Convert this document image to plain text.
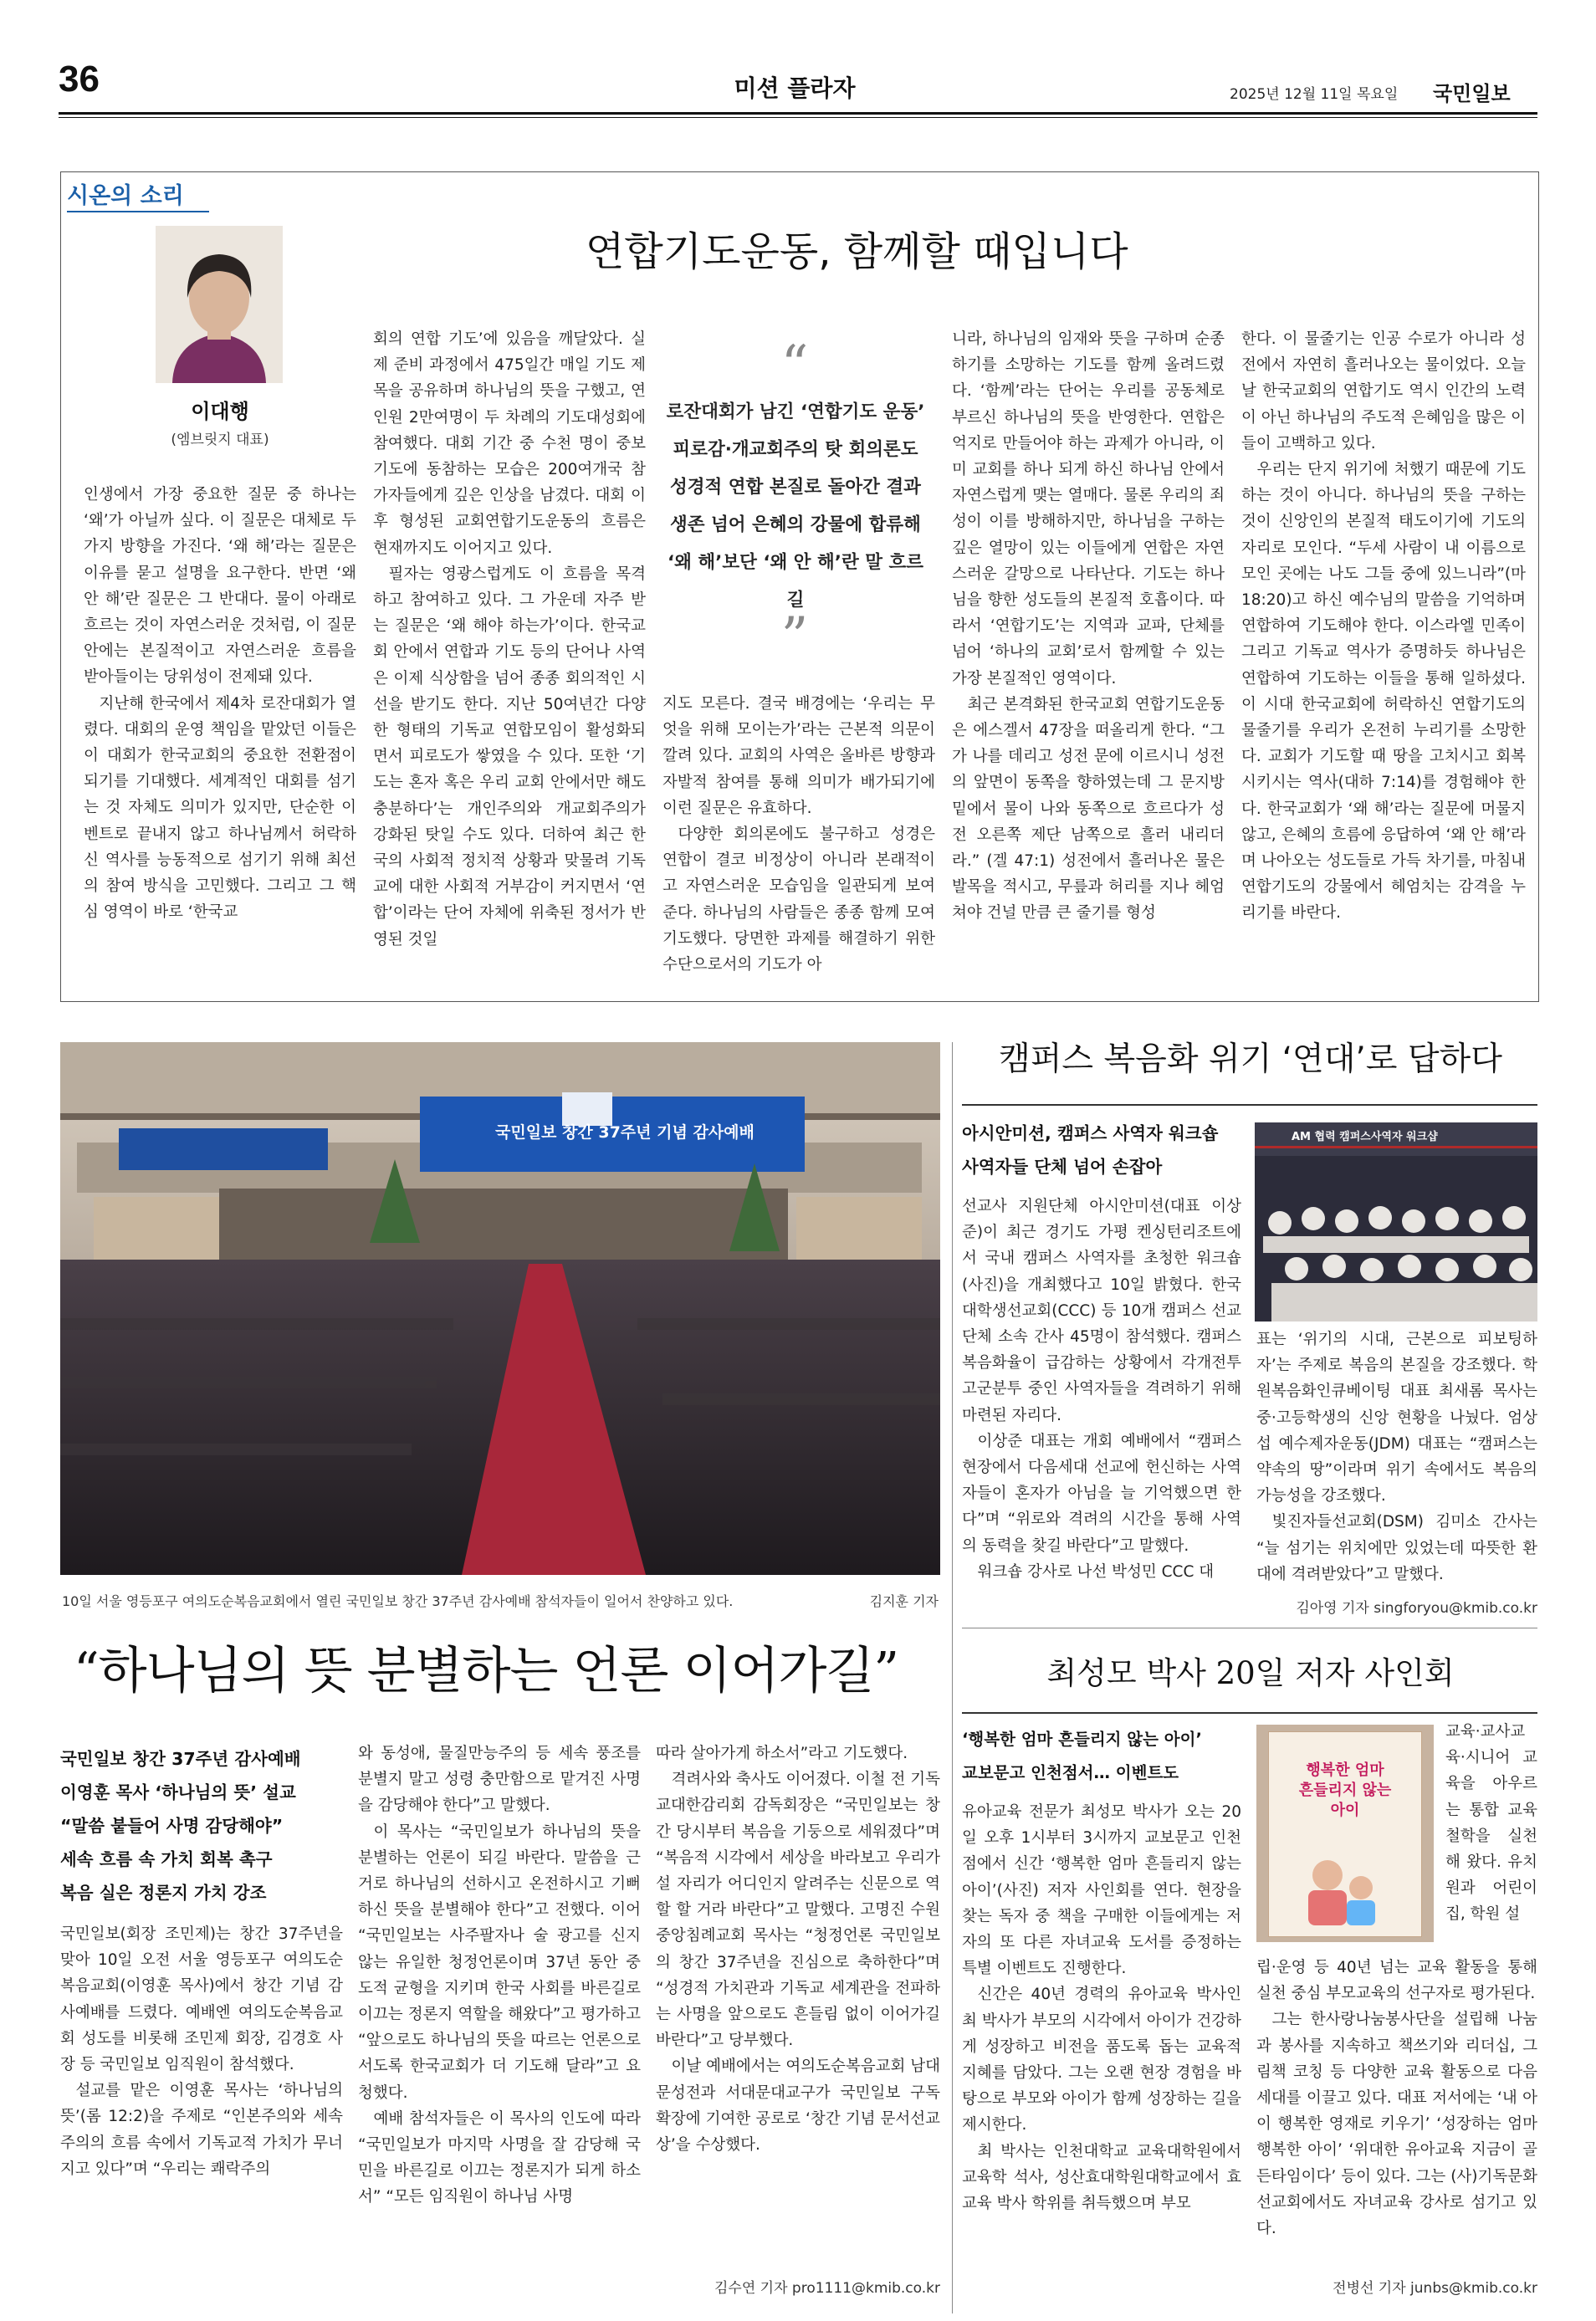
36	미션 플라자	2025년 12월 11일 목요일 국민일보
시온의 소리
연합기도운동, 함께할 때입니다
이대행
(엠브릿지 대표)

인생에서 가장 중요한 질문 중 하나는 ‘왜’가 아닐까 싶다. 이 질문은 대체로 두 가지 방향을 가진다. ‘왜 해’라는 질문은 이유를 묻고 설명을 요구한다. 반면 ‘왜 안 해’란 질문은 그 반대다. 물이 아래로 흐르는 것이 자연스러운 것처럼, 이 질문 안에는 본질적이고 자연스러운 흐름을 받아들이는 당위성이 전제돼 있다.

지난해 한국에서 제4차 로잔대회가 열렸다. 대회의 운영 책임을 맡았던 이들은 이 대회가 한국교회의 중요한 전환점이 되기를 기대했다. 세계적인 대회를 섬기는 것 자체도 의미가 있지만, 단순한 이벤트로 끝내지 않고 하나님께서 허락하신 역사를 능동적으로 섬기기 위해 최선의 참여 방식을 고민했다. 그리고 그 핵심 영역이 바로 ‘한국교

회의 연합 기도’에 있음을 깨달았다. 실제 준비 과정에서 475일간 매일 기도 제목을 공유하며 하나님의 뜻을 구했고, 연인원 2만여명이 두 차례의 기도대성회에 참여했다. 대회 기간 중 수천 명이 중보기도에 동참하는 모습은 200여개국 참가자들에게 깊은 인상을 남겼다. 대회 이후 형성된 교회연합기도운동의 흐름은 현재까지도 이어지고 있다.

필자는 영광스럽게도 이 흐름을 목격하고 참여하고 있다. 그 가운데 자주 받는 질문은 ‘왜 해야 하는가’이다. 한국교회 안에서 연합과 기도 등의 단어나 사역은 이제 식상함을 넘어 종종 회의적인 시선을 받기도 한다. 지난 50여년간 다양한 형태의 기독교 연합모임이 활성화되면서 피로도가 쌓였을 수 있다. 또한 ‘기도는 혼자 혹은 우리 교회 안에서만 해도 충분하다’는 개인주의와 개교회주의가 강화된 탓일 수도 있다. 더하여 최근 한국의 사회적 정치적 상황과 맞물려 기독교에 대한 사회적 거부감이 커지면서 ‘연합’이라는 단어 자체에 위축된 정서가 반영된 것일

“
로잔대회가 남긴 ‘연합기도 운동’
피로감·개교회주의 탓 회의론도
성경적 연합 본질로 돌아간 결과
생존 넘어 은혜의 강물에 합류해
‘왜 해’보단 ‘왜 안 해’란 말 흐르길
”

지도 모른다. 결국 배경에는 ‘우리는 무엇을 위해 모이는가’라는 근본적 의문이 깔려 있다. 교회의 사역은 올바른 방향과 자발적 참여를 통해 의미가 배가되기에 이런 질문은 유효하다.

다양한 회의론에도 불구하고 성경은 연합이 결코 비정상이 아니라 본래적이고 자연스러운 모습임을 일관되게 보여준다. 하나님의 사람들은 종종 함께 모여 기도했다. 당면한 과제를 해결하기 위한 수단으로서의 기도가 아

니라, 하나님의 임재와 뜻을 구하며 순종하기를 소망하는 기도를 함께 올려드렸다. ‘함께’라는 단어는 우리를 공동체로 부르신 하나님의 뜻을 반영한다. 연합은 억지로 만들어야 하는 과제가 아니라, 이미 교회를 하나 되게 하신 하나님 안에서 자연스럽게 맺는 열매다. 물론 우리의 죄성이 이를 방해하지만, 하나님을 구하는 깊은 열망이 있는 이들에게 연합은 자연스러운 갈망으로 나타난다. 기도는 하나님을 향한 성도들의 본질적 호흡이다. 따라서 ‘연합기도’는 지역과 교파, 단체를 넘어 ‘하나의 교회’로서 함께할 수 있는 가장 본질적인 영역이다.

최근 본격화된 한국교회 연합기도운동은 에스겔서 47장을 떠올리게 한다. “그가 나를 데리고 성전 문에 이르시니 성전의 앞면이 동쪽을 향하였는데 그 문지방 밑에서 물이 나와 동쪽으로 흐르다가 성전 오른쪽 제단 남쪽으로 흘러 내리더라.” (겔 47:1) 성전에서 흘러나온 물은 발목을 적시고, 무릎과 허리를 지나 헤엄쳐야 건널 만큼 큰 줄기를 형성

한다. 이 물줄기는 인공 수로가 아니라 성전에서 자연히 흘러나오는 물이었다. 오늘날 한국교회의 연합기도 역시 인간의 노력이 아닌 하나님의 주도적 은혜임을 많은 이들이 고백하고 있다.

우리는 단지 위기에 처했기 때문에 기도하는 것이 아니다. 하나님의 뜻을 구하는 것이 신앙인의 본질적 태도이기에 기도의 자리로 모인다. “두세 사람이 내 이름으로 모인 곳에는 나도 그들 중에 있느니라”(마 18:20)고 하신 예수님의 말씀을 기억하며 연합하여 기도해야 한다. 이스라엘 민족이 그리고 기독교 역사가 증명하듯 하나님은 연합하여 기도하는 이들을 통해 일하셨다. 이 시대 한국교회에 허락하신 연합기도의 물줄기를 우리가 온전히 누리기를 소망한다. 교회가 기도할 때 땅을 고치시고 회복시키시는 역사(대하 7:14)를 경험해야 한다. 한국교회가 ‘왜 해’라는 질문에 머물지 않고, 은혜의 흐름에 응답하여 ‘왜 안 해’라며 나아오는 성도들로 가득 차기를, 마침내 연합기도의 강물에서 헤엄치는 감격을 누리기를 바란다.

국민일보 창간 37주년 기념 감사예배
10일 서울 영등포구 여의도순복음교회에서 열린 국민일보 창간 37주년 감사예배 참석자들이 일어서 찬양하고 있다.	김지훈 기자
“하나님의 뜻 분별하는 언론 이어가길”
국민일보 창간 37주년 감사예배
이영훈 목사 ‘하나님의 뜻’ 설교
“말씀 붙들어 사명 감당해야”
세속 흐름 속 가치 회복 촉구
복음 실은 정론지 가치 강조

국민일보(회장 조민제)는 창간 37주년을 맞아 10일 오전 서울 영등포구 여의도순복음교회(이영훈 목사)에서 창간 기념 감사예배를 드렸다. 예배엔 여의도순복음교회 성도를 비롯해 조민제 회장, 김경호 사장 등 국민일보 임직원이 참석했다.

설교를 맡은 이영훈 목사는 ‘하나님의 뜻’(롬 12:2)을 주제로 “인본주의와 세속주의의 흐름 속에서 기독교적 가치가 무너지고 있다”며 “우리는 쾌락주의

와 동성애, 물질만능주의 등 세속 풍조를 분별지 말고 성령 충만함으로 맡겨진 사명을 감당해야 한다”고 말했다.

이 목사는 “국민일보가 하나님의 뜻을 분별하는 언론이 되길 바란다. 말씀을 근거로 하나님의 선하시고 온전하시고 기뻐하신 뜻을 분별해야 한다”고 전했다. 이어 “국민일보는 사주팔자나 술 광고를 신지 않는 유일한 청정언론이며 37년 동안 중도적 균형을 지키며 한국 사회를 바른길로 이끄는 정론지 역할을 해왔다”고 평가하고 “앞으로도 하나님의 뜻을 따르는 언론으로 서도록 한국교회가 더 기도해 달라”고 요청했다.

예배 참석자들은 이 목사의 인도에 따라 “국민일보가 마지막 사명을 잘 감당해 국민을 바른길로 이끄는 정론지가 되게 하소서” “모든 임직원이 하나님 사명

따라 살아가게 하소서”라고 기도했다.

격려사와 축사도 이어졌다. 이철 전 기독교대한감리회 감독회장은 “국민일보는 창간 당시부터 복음을 기둥으로 세워졌다”며 “복음적 시각에서 세상을 바라보고 우리가 설 자리가 어디인지 알려주는 신문으로 역할 할 거라 바란다”고 말했다. 고명진 수원중앙침례교회 목사는 “청정언론 국민일보의 창간 37주년을 진심으로 축하한다”며 “성경적 가치관과 기독교 세계관을 전파하는 사명을 앞으로도 흔들림 없이 이어가길 바란다”고 당부했다.

이날 예배에서는 여의도순복음교회 남대문성전과 서대문대교구가 국민일보 구독 확장에 기여한 공로로 ‘창간 기념 문서선교상’을 수상했다.

김수연 기자 pro1111@kmib.co.kr
캠퍼스 복음화 위기 ‘연대’로 답하다
아시안미션, 캠퍼스 사역자 워크숍
사역자들 단체 넘어 손잡아
AM 협력 캠퍼스사역자 워크샵

선교사 지원단체 아시안미션(대표 이상준)이 최근 경기도 가평 켄싱턴리조트에서 국내 캠퍼스 사역자를 초청한 워크숍(사진)을 개최했다고 10일 밝혔다. 한국대학생선교회(CCC) 등 10개 캠퍼스 선교단체 소속 간사 45명이 참석했다. 캠퍼스 복음화율이 급감하는 상황에서 각개전투 고군분투 중인 사역자들을 격려하기 위해 마련된 자리다.

이상준 대표는 개회 예배에서 “캠퍼스 현장에서 다음세대 선교에 헌신하는 사역자들이 혼자가 아님을 늘 기억했으면 한다”며 “위로와 격려의 시간을 통해 사역의 동력을 찾길 바란다”고 말했다.

워크숍 강사로 나선 박성민 CCC 대

표는 ‘위기의 시대, 근본으로 피보팅하자’는 주제로 복음의 본질을 강조했다. 학원복음화인큐베이팅 대표 최새롬 목사는 중·고등학생의 신앙 현황을 나눴다. 엄상섭 예수제자운동(JDM) 대표는 “캠퍼스는 약속의 땅”이라며 위기 속에서도 복음의 가능성을 강조했다.

빛진자들선교회(DSM) 김미소 간사는 “늘 섬기는 위치에만 있었는데 따뜻한 환대에 격려받았다”고 말했다.

김아영 기자 singforyou@kmib.co.kr
최성모 박사 20일 저자 사인회
‘행복한 엄마 흔들리지 않는 아이’
교보문고 인천점서… 이벤트도	행복한 엄마
흔들리지 않는
아이

유아교육 전문가 최성모 박사가 오는 20일 오후 1시부터 3시까지 교보문고 인천점에서 신간 ‘행복한 엄마 흔들리지 않는 아이’(사진) 저자 사인회를 연다. 현장을 찾는 독자 중 책을 구매한 이들에게는 저자의 또 다른 자녀교육 도서를 증정하는 특별 이벤트도 진행한다.

신간은 40년 경력의 유아교육 박사인 최 박사가 부모의 시각에서 아이가 건강하게 성장하고 비전을 품도록 돕는 교육적 지혜를 담았다. 그는 오랜 현장 경험을 바탕으로 부모와 아이가 함께 성장하는 길을 제시한다.

최 박사는 인천대학교 교육대학원에서 교육학 석사, 성산효대학원대학교에서 효교육 박사 학위를 취득했으며 부모

교육·교사교육·시니어 교육을 아우르는 통합 교육 철학을 실천해 왔다. 유치원과 어린이집, 학원 설

립·운영 등 40년 넘는 교육 활동을 통해 실천 중심 부모교육의 선구자로 평가된다.

그는 한사랑나눔봉사단을 설립해 나눔과 봉사를 지속하고 책쓰기와 리더십, 그림책 코칭 등 다양한 교육 활동으로 다음세대를 이끌고 있다. 대표 저서에는 ‘내 아이 행복한 영재로 키우기’ ‘성장하는 엄마 행복한 아이’ ‘위대한 유아교육 지금이 골든타임이다’ 등이 있다. 그는 (사)기독문화선교회에서도 자녀교육 강사로 섬기고 있다.

전병선 기자 junbs@kmib.co.kr
